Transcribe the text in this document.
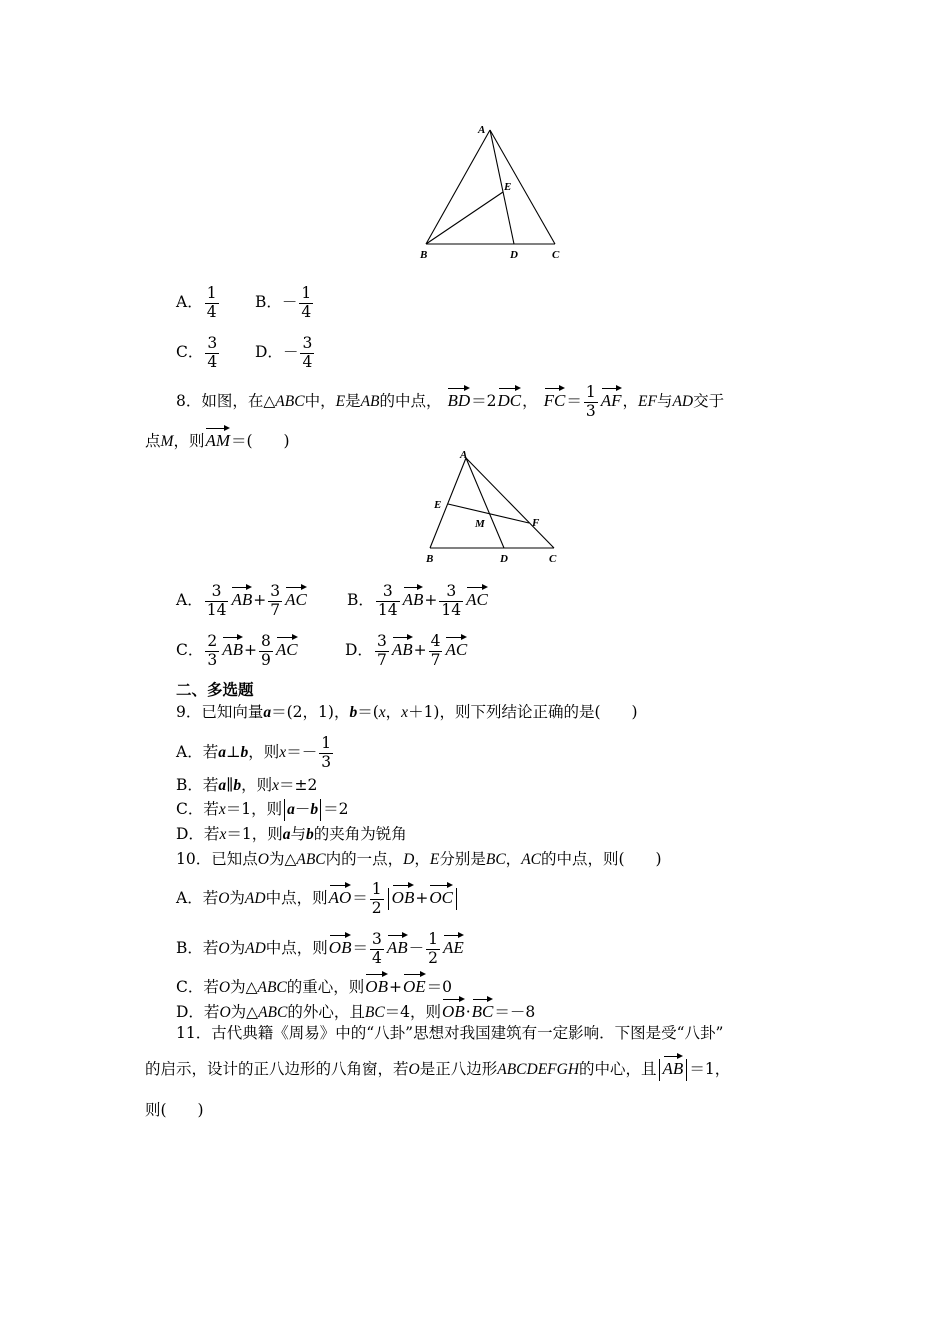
A
B	C
D
E
A． $\frac{1}{4}$ B．－ $\frac{1}{4}$
C． $\frac{3}{4}$ D．－ $\frac{3}{4}$
8．如图，在△ABC中，E是AB的中点， BD＝2DC， $FC= \frac{1}{3}$ AF，EF与AD交于
点M，则AM＝(　　)
A
B	C
D
E
F
M
A． $\frac{3}{14} AB+ \frac{3}{7}$ AC	B． $\frac{3}{14} AB+ \frac{3}{14}$ AC
C． $\frac{2}{3} AB+ \frac{8}{9}$ AC	D． $\frac{3}{7} AB+ \frac{4}{7}$ AC
二、多选题
9．已知向量a＝(2，1)，b＝(x，x＋1)，则下列结论正确的是(　　)
A．若a⊥b，则$x=- \frac{1}{3}$
B．若a∥b，则x＝±2
C．若x＝1，则 a－b ＝2
D．若x＝1，则a与b的夹角为锐角
10．已知点O为△ABC内的一点，D，E分别是BC，AC的中点，则(　　)
A．若O为AD中点，则$AO= \frac{1}{2} OB+OC$
B．若O为AD中点，则$OB= \frac{3}{4} AB- \frac{1}{2}$ AE
C．若O为△ABC的重心，则OB+OE＝0
D．若O为△ABC的外心，且BC＝4，则OB·BC＝－8
11．古代典籍《周易》中的“八卦”思想对我国建筑有一定影响．下图是受“八卦”
的启示，设计的正八边形的八角窗，若O是正八边形ABCDEFGH的中心，且 AB ＝1，
则(　　)
